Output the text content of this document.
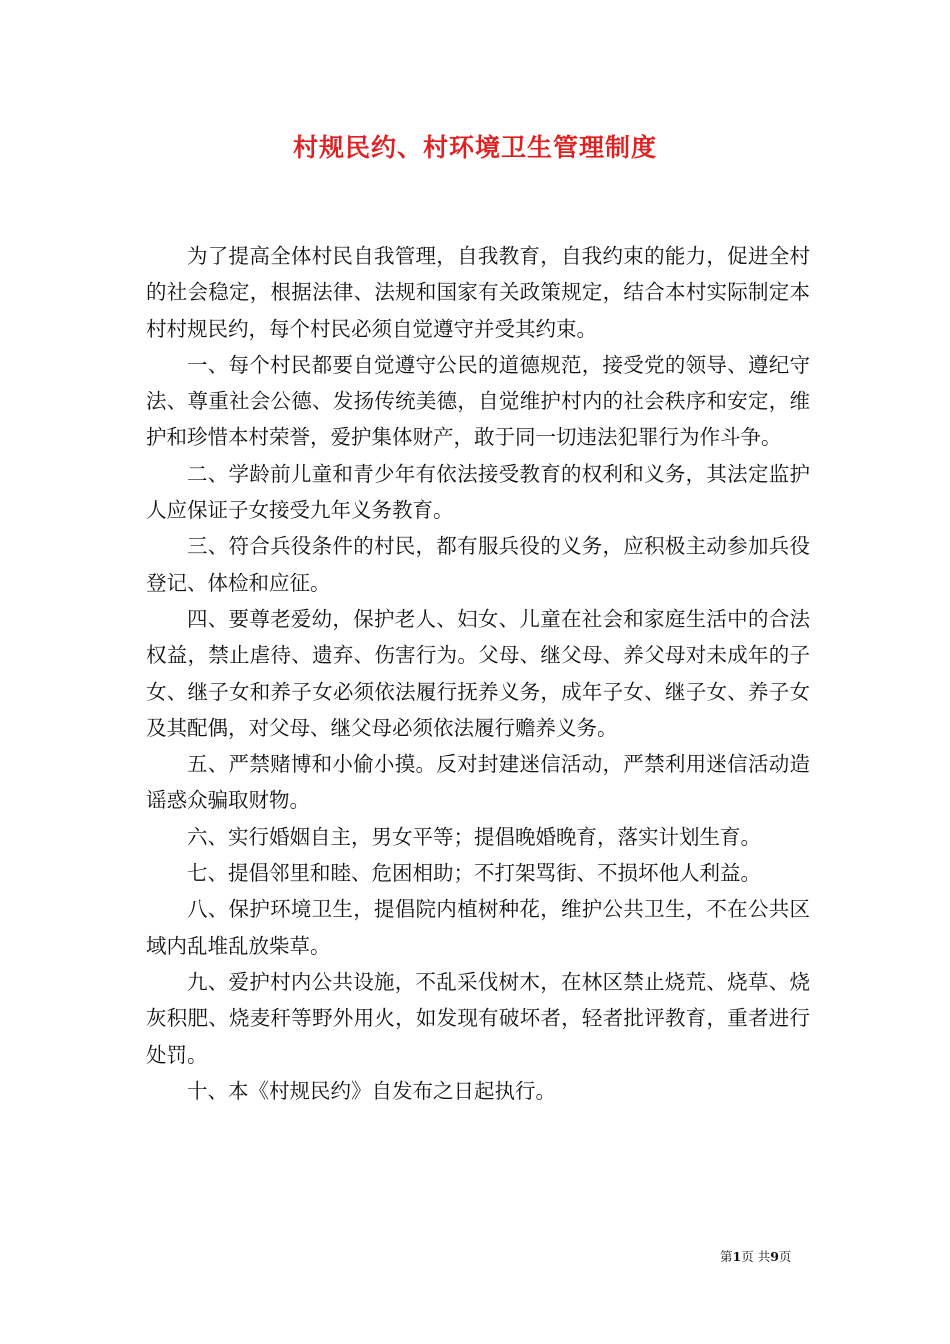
村规民约、村环境卫生管理制度

为了提高全体村民自我管理，自我教育，自我约束的能力，促进全村的社会稳定，根据法律、法规和国家有关政策规定，结合本村实际制定本村村规民约，每个村民必须自觉遵守并受其约束。

一、每个村民都要自觉遵守公民的道德规范，接受党的领导、遵纪守法、尊重社会公德、发扬传统美德，自觉维护村内的社会秩序和安定，维护和珍惜本村荣誉，爱护集体财产，敢于同一切违法犯罪行为作斗争。

二、学龄前儿童和青少年有依法接受教育的权利和义务，其法定监护人应保证子女接受九年义务教育。

三、符合兵役条件的村民，都有服兵役的义务，应积极主动参加兵役登记、体检和应征。

四、要尊老爱幼，保护老人、妇女、儿童在社会和家庭生活中的合法权益，禁止虐待、遗弃、伤害行为。父母、继父母、养父母对未成年的子女、继子女和养子女必须依法履行抚养义务，成年子女、继子女、养子女及其配偶，对父母、继父母必须依法履行赡养义务。

五、严禁赌博和小偷小摸。反对封建迷信活动，严禁利用迷信活动造谣惑众骗取财物。

六、实行婚姻自主，男女平等；提倡晚婚晚育，落实计划生育。

七、提倡邻里和睦、危困相助；不打架骂街、不损坏他人利益。

八、保护环境卫生，提倡院内植树种花，维护公共卫生，不在公共区域内乱堆乱放柴草。

九、爱护村内公共设施，不乱采伐树木，在林区禁止烧荒、烧草、烧灰积肥、烧麦秆等野外用火，如发现有破坏者，轻者批评教育，重者进行处罚。

十、本《村规民约》自发布之日起执行。

第1页 共9页
